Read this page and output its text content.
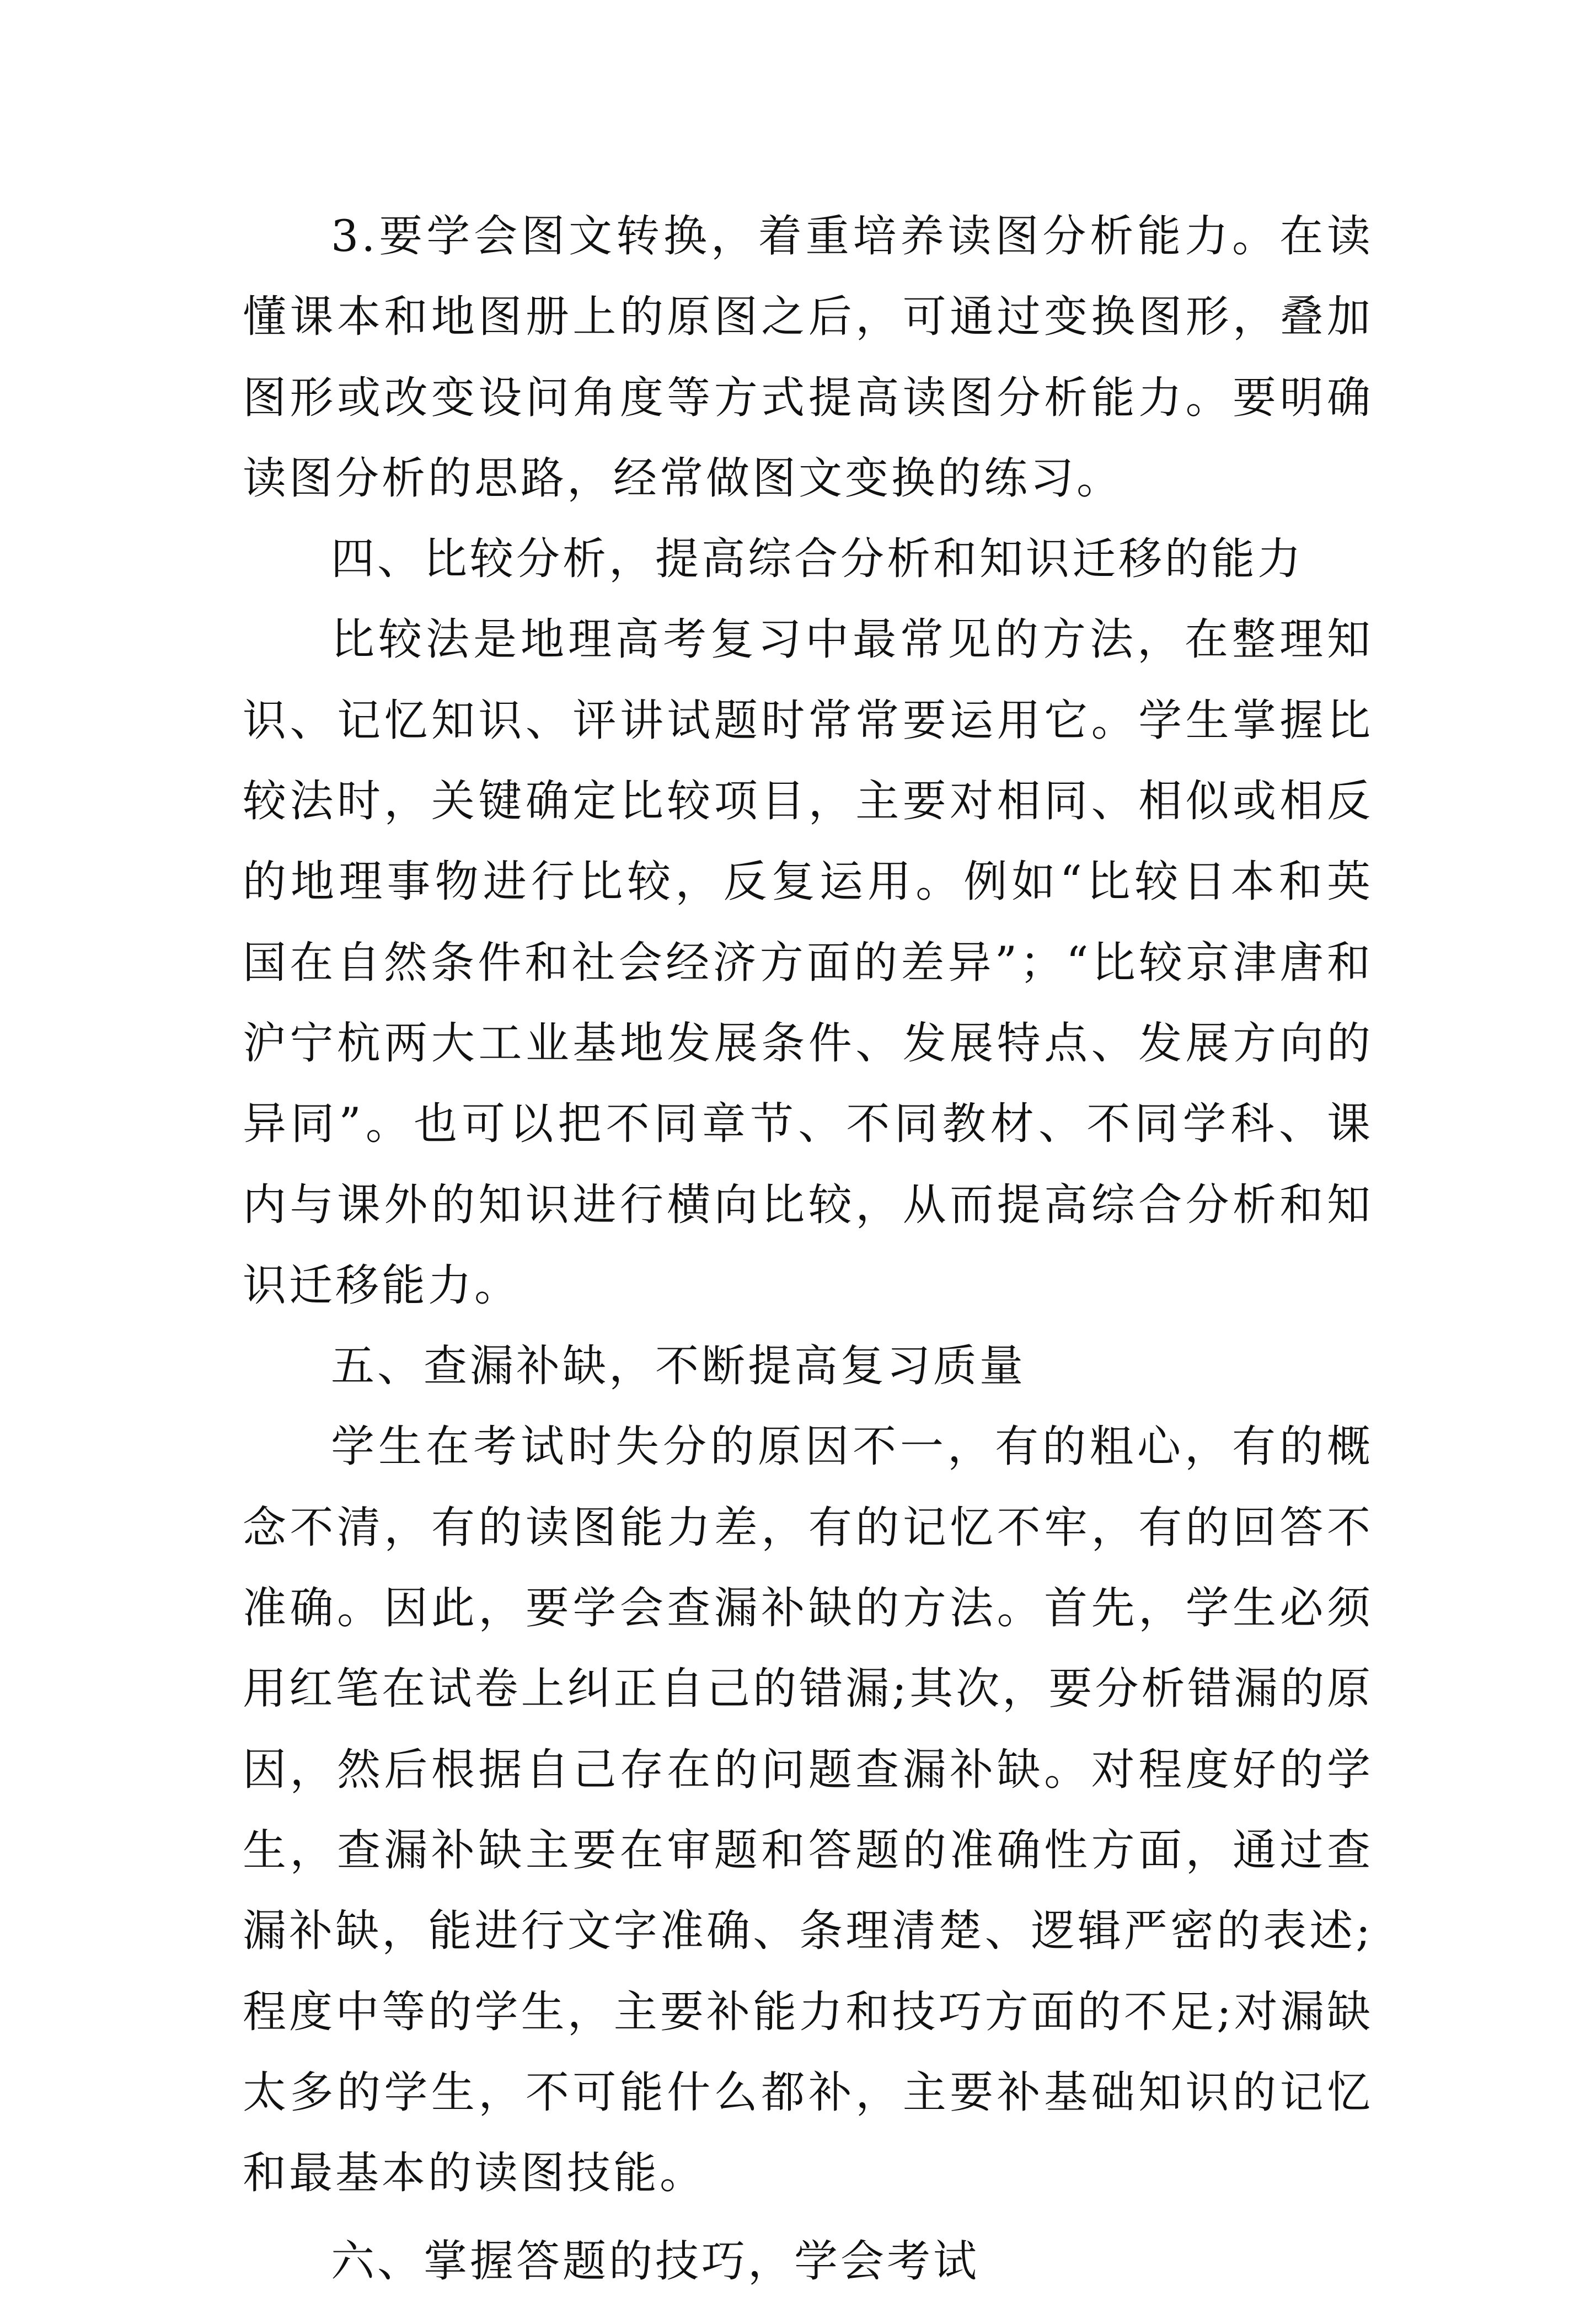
3.要学会图文转换，着重培养读图分析能力。在读懂课本和地图册上的原图之后，可通过变换图形，叠加图形或改变设问角度等方式提高读图分析能力。要明确读图分析的思路，经常做图文变换的练习。

四、比较分析，提高综合分析和知识迁移的能力

比较法是地理高考复习中最常见的方法，在整理知识、记忆知识、评讲试题时常常要运用它。学生掌握比较法时，关键确定比较项目，主要对相同、相似或相反的地理事物进行比较，反复运用。例如“比较日本和英国在自然条件和社会经济方面的差异”；“比较京津唐和沪宁杭两大工业基地发展条件、发展特点、发展方向的异同”。也可以把不同章节、不同教材、不同学科、课内与课外的知识进行横向比较，从而提高综合分析和知识迁移能力。

五、查漏补缺，不断提高复习质量

学生在考试时失分的原因不一，有的粗心，有的概念不清，有的读图能力差，有的记忆不牢，有的回答不准确。因此，要学会查漏补缺的方法。首先，学生必须用红笔在试卷上纠正自己的错漏;其次，要分析错漏的原因，然后根据自己存在的问题查漏补缺。对程度好的学生，查漏补缺主要在审题和答题的准确性方面，通过查漏补缺，能进行文字准确、条理清楚、逻辑严密的表述;程度中等的学生，主要补能力和技巧方面的不足;对漏缺太多的学生，不可能什么都补，主要补基础知识的记忆和最基本的读图技能。

六、掌握答题的技巧，学会考试
